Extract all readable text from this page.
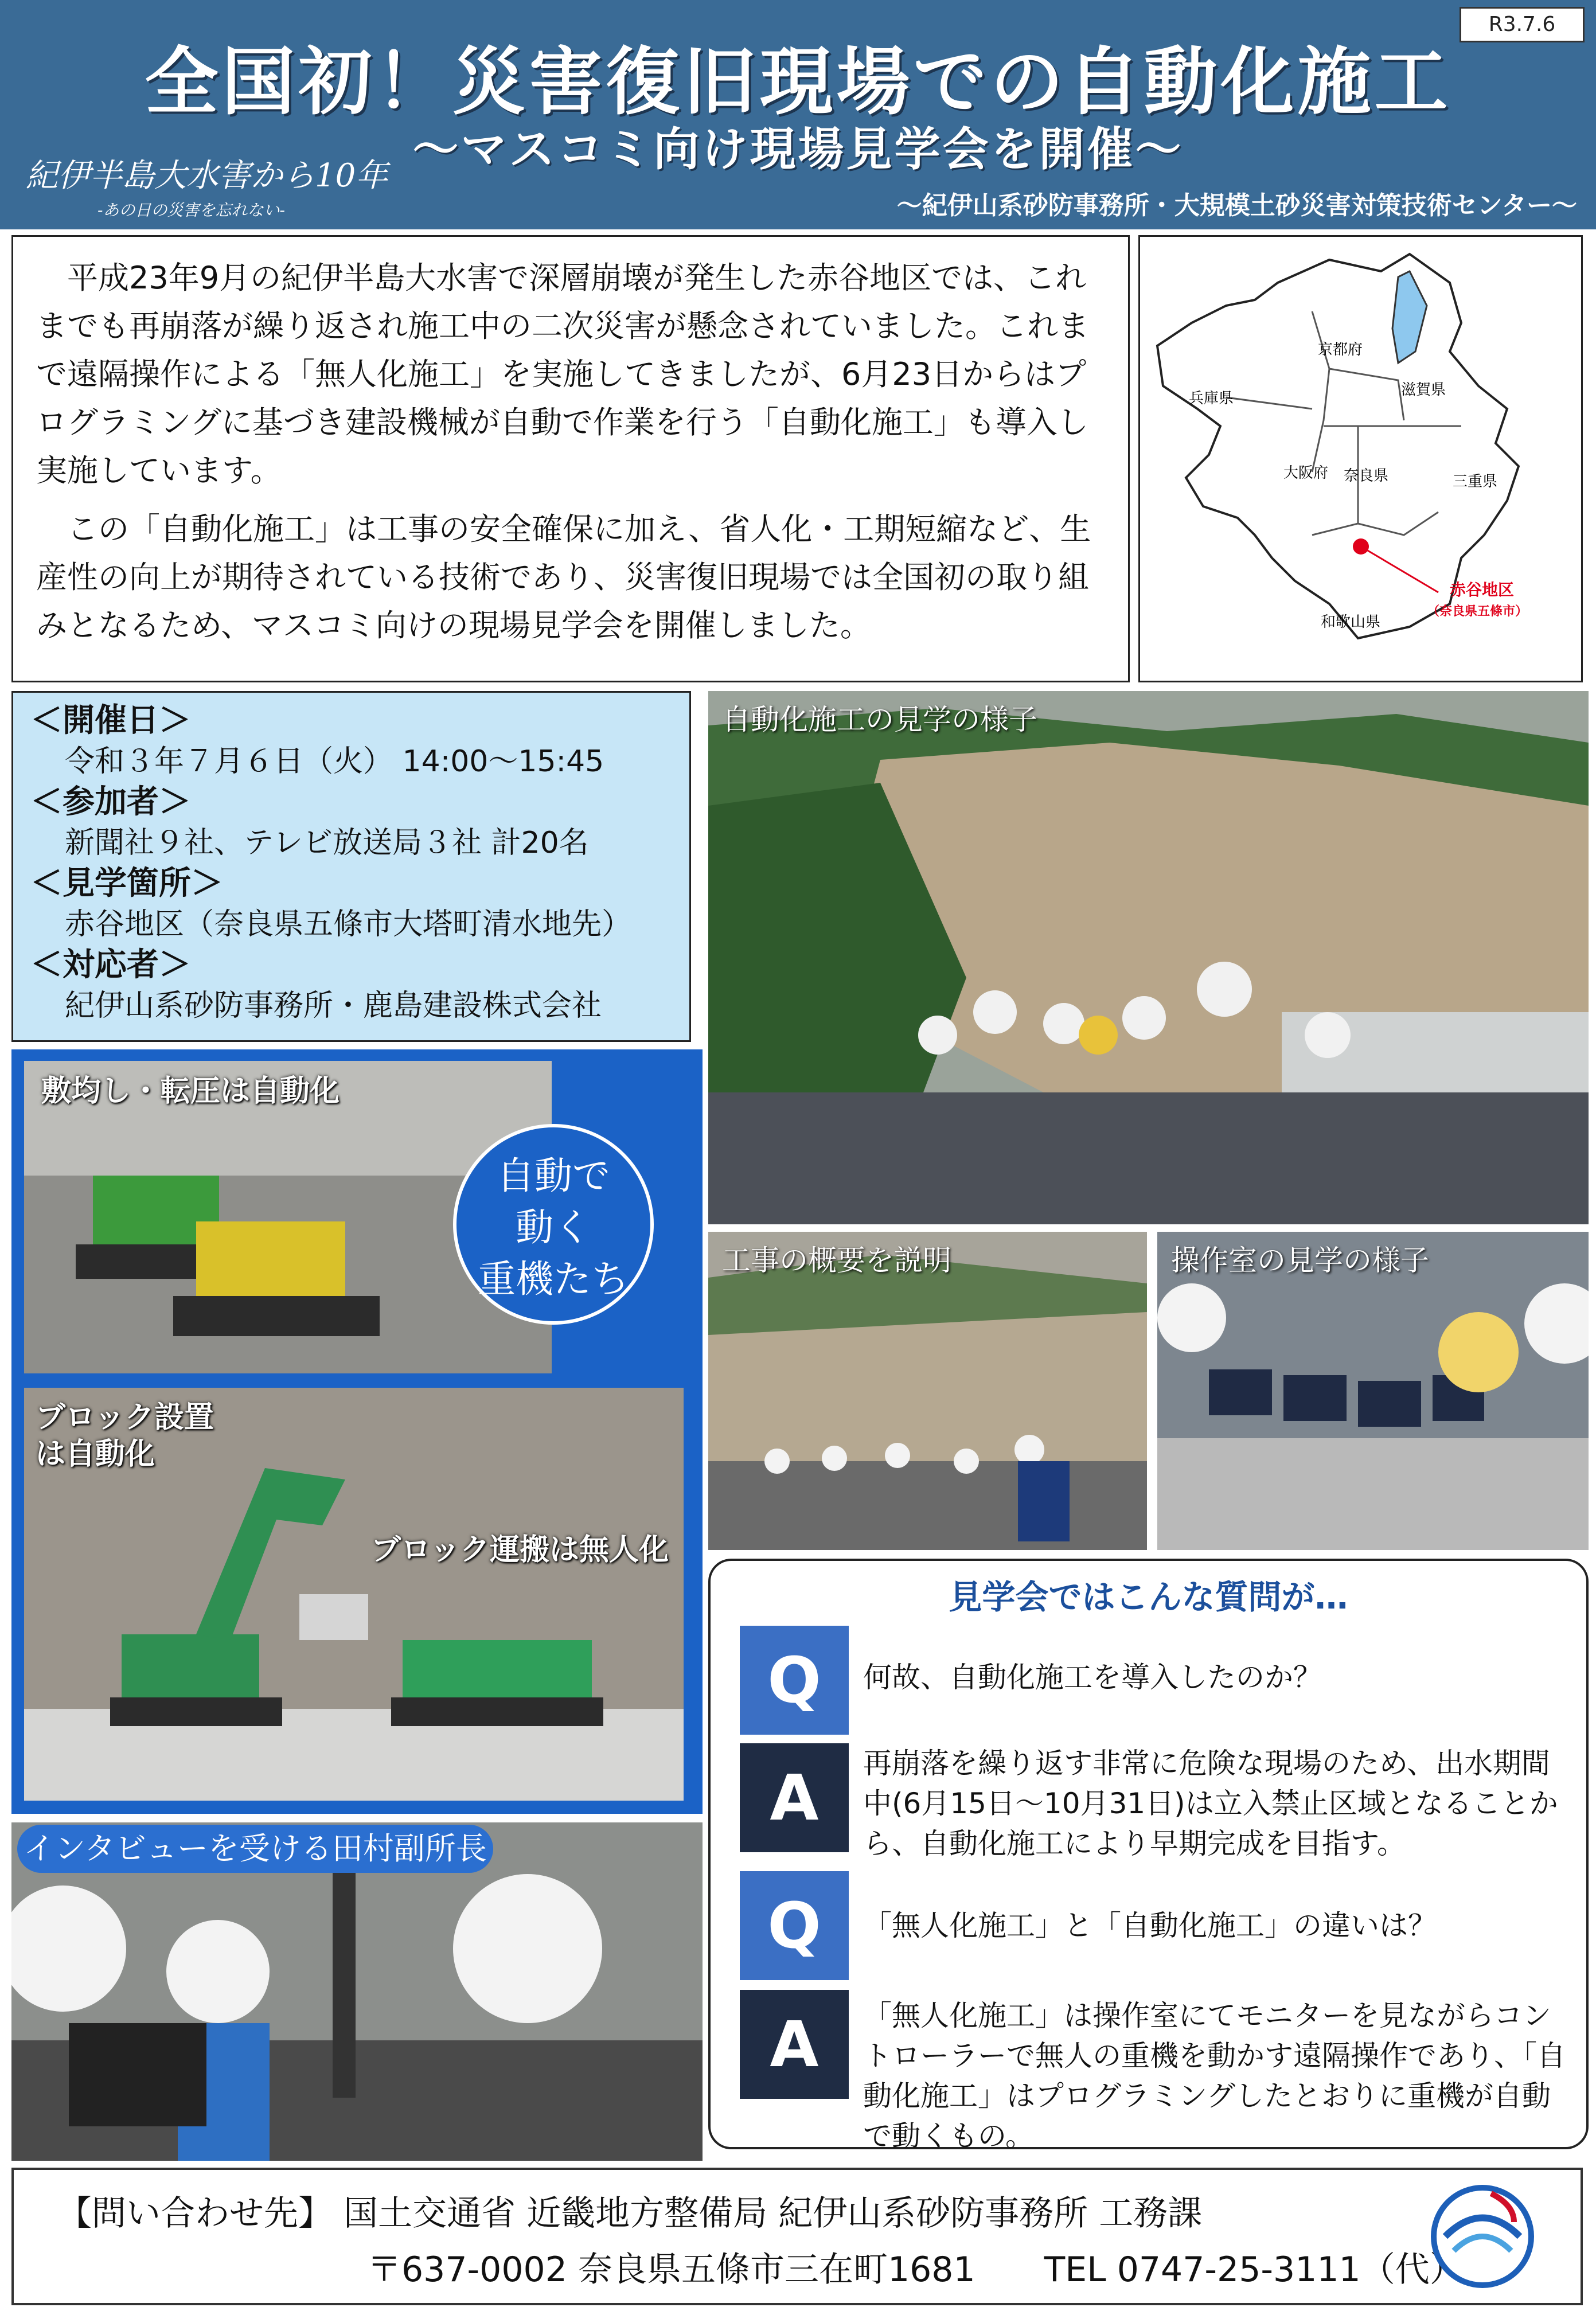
R3.7.6
全国初！災害復旧現場での自動化施工
〜マスコミ向け現場見学会を開催〜
紀伊半島大水害から10年
-あの日の災害を忘れない-	〜紀伊山系砂防事務所・大規模土砂災害対策技術センター〜

平成23年9月の紀伊半島大水害で深層崩壊が発生した赤谷地区では、これまでも再崩落が繰り返され施工中の二次災害が懸念されていました。これまで遠隔操作による「無人化施工」を実施してきましたが、6月23日からはプログラミングに基づき建設機械が自動で作業を行う「自動化施工」も導入し実施しています。

この「自動化施工」は工事の安全確保に加え、省人化・工期短縮など、生産性の向上が期待されている技術であり、災害復旧現場では全国初の取り組みとなるため、マスコミ向けの現場見学会を開催しました。

京都府
滋賀県
兵庫県
大阪府 奈良県	三重県
和歌山県
赤谷地区
（奈良県五條市）
＜開催日＞
令和３年７月６日（火） 14:00〜15:45
＜参加者＞
新聞社９社、テレビ放送局３社 計20名
＜見学箇所＞
赤谷地区（奈良県五條市大塔町清水地先）
＜対応者＞
紀伊山系砂防事務所・鹿島建設株式会社
自動化施工の見学の様子
工事の概要を説明	操作室の見学の様子
敷均し・転圧は自動化
自動で
動く
重機たち
ブロック設置は自動化
ブロック運搬は無人化
インタビューを受ける田村副所長
見学会ではこんな質問が…
Q	何故、自動化施工を導入したのか？
A	再崩落を繰り返す非常に危険な現場のため、出水期間中(6月15日〜10月31日)は立入禁止区域となることから、自動化施工により早期完成を目指す。
Q	「無人化施工」と「自動化施工」の違いは？
A	「無人化施工」は操作室にてモニターを見ながらコントローラーで無人の重機を動かす遠隔操作であり、「自動化施工」はプログラミングしたとおりに重機が自動で動くもの。
【問い合わせ先】 国土交通省 近畿地方整備局 紀伊山系砂防事務所 工務課
〒637-0002 奈良県五條市三在町1681　　TEL 0747-25-3111（代）
